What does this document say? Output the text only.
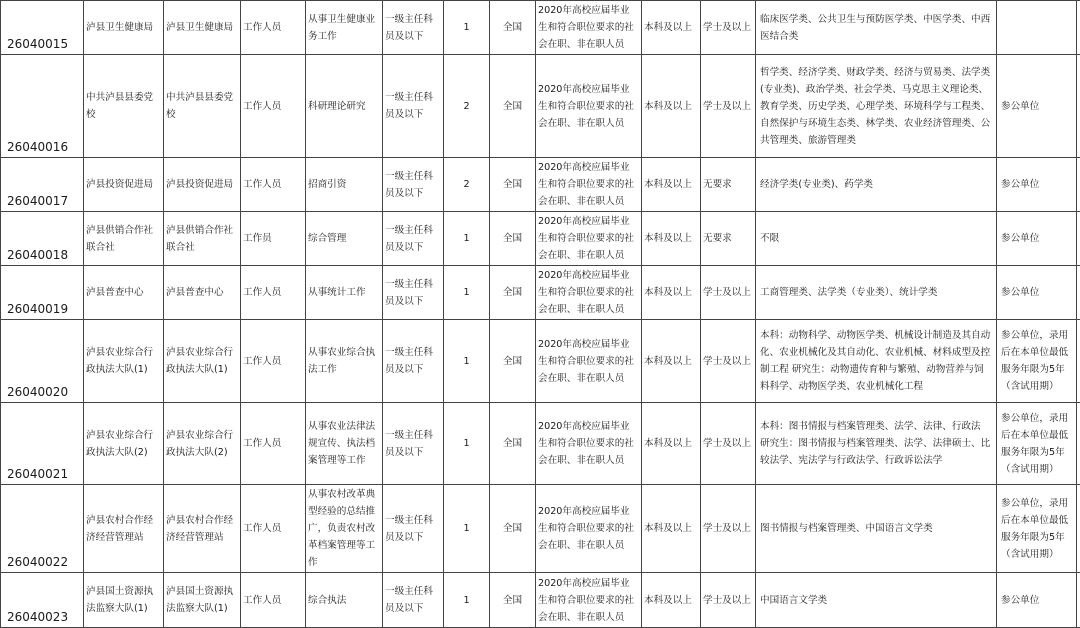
26040015	泸县卫生健康局	泸县卫生健康局	工作人员	从事卫生健康业务工作	一级主任科员及以下	1	全国	2020年高校应届毕业生和符合职位要求的社会在职、非在职人员	本科及以上	学士及以上	临床医学类、公共卫生与预防医学类、中医学类、中西医结合类		
26040016	中共泸县县委党校	中共泸县县委党校	工作人员	科研理论研究	一级主任科员及以下	2	全国	2020年高校应届毕业生和符合职位要求的社会在职、非在职人员	本科及以上	学士及以上	哲学类、经济学类、财政学类、经济与贸易类、法学类(专业类)、政治学类、社会学类、马克思主义理论类、教育学类、历史学类、心理学类、环境科学与工程类、自然保护与环境生态类、林学类、农业经济管理类、公共管理类、旅游管理类	参公单位	
26040017	泸县投资促进局	泸县投资促进局	工作人员	招商引资	一级主任科员及以下	2	全国	2020年高校应届毕业生和符合职位要求的社会在职、非在职人员	本科及以上	无要求	经济学类(专业类)、药学类	参公单位	
26040018	泸县供销合作社联合社	泸县供销合作社联合社	工作员	综合管理	一级主任科员及以下	1	全国	2020年高校应届毕业生和符合职位要求的社会在职、非在职人员	本科及以上	无要求	不限	参公单位	
26040019	泸县普查中心	泸县普查中心	工作人员	从事统计工作	一级主任科员及以下	1	全国	2020年高校应届毕业生和符合职位要求的社会在职、非在职人员	本科及以上	学士及以上	工商管理类、法学类（专业类）、统计学类	参公单位	
26040020	泸县农业综合行政执法大队(1)	泸县农业综合行政执法大队(1)	工作人员	从事农业综合执法工作	一级主任科员及以下	1	全国	2020年高校应届毕业生和符合职位要求的社会在职、非在职人员	本科及以上	学士及以上	本科：动物科学、动物医学类、机械设计制造及其自动化、农业机械化及其自动化、农业机械、材料成型及控制工程 研究生：动物遗传育种与繁殖、动物营养与饲料科学、动物医学类、农业机械化工程	参公单位，录用后在本单位最低服务年限为5年（含试用期）	
26040021	泸县农业综合行政执法大队(2)	泸县农业综合行政执法大队(2)	工作人员	从事农业法律法规宣传、执法档案管理等工作	一级主任科员及以下	1	全国	2020年高校应届毕业生和符合职位要求的社会在职、非在职人员	本科及以上	学士及以上	本科：图书情报与档案管理类、法学、法律、行政法 研究生：图书情报与档案管理类、法学、法律硕士、比较法学、宪法学与行政法学、行政诉讼法学	参公单位，录用后在本单位最低服务年限为5年（含试用期）	
26040022	泸县农村合作经济经营管理站	泸县农村合作经济经营管理站	工作人员	从事农村改革典型经验的总结推广，负责农村改革档案管理等工作	一级主任科员及以下	1	全国	2020年高校应届毕业生和符合职位要求的社会在职、非在职人员	本科及以上	学士及以上	图书情报与档案管理类、中国语言文学类	参公单位，录用后在本单位最低服务年限为5年（含试用期）	
26040023	泸县国土资源执法监察大队(1)	泸县国土资源执法监察大队(1)	工作人员	综合执法	一级主任科员及以下	1	全国	2020年高校应届毕业生和符合职位要求的社会在职、非在职人员	本科及以上	学士及以上	中国语言文学类	参公单位	
